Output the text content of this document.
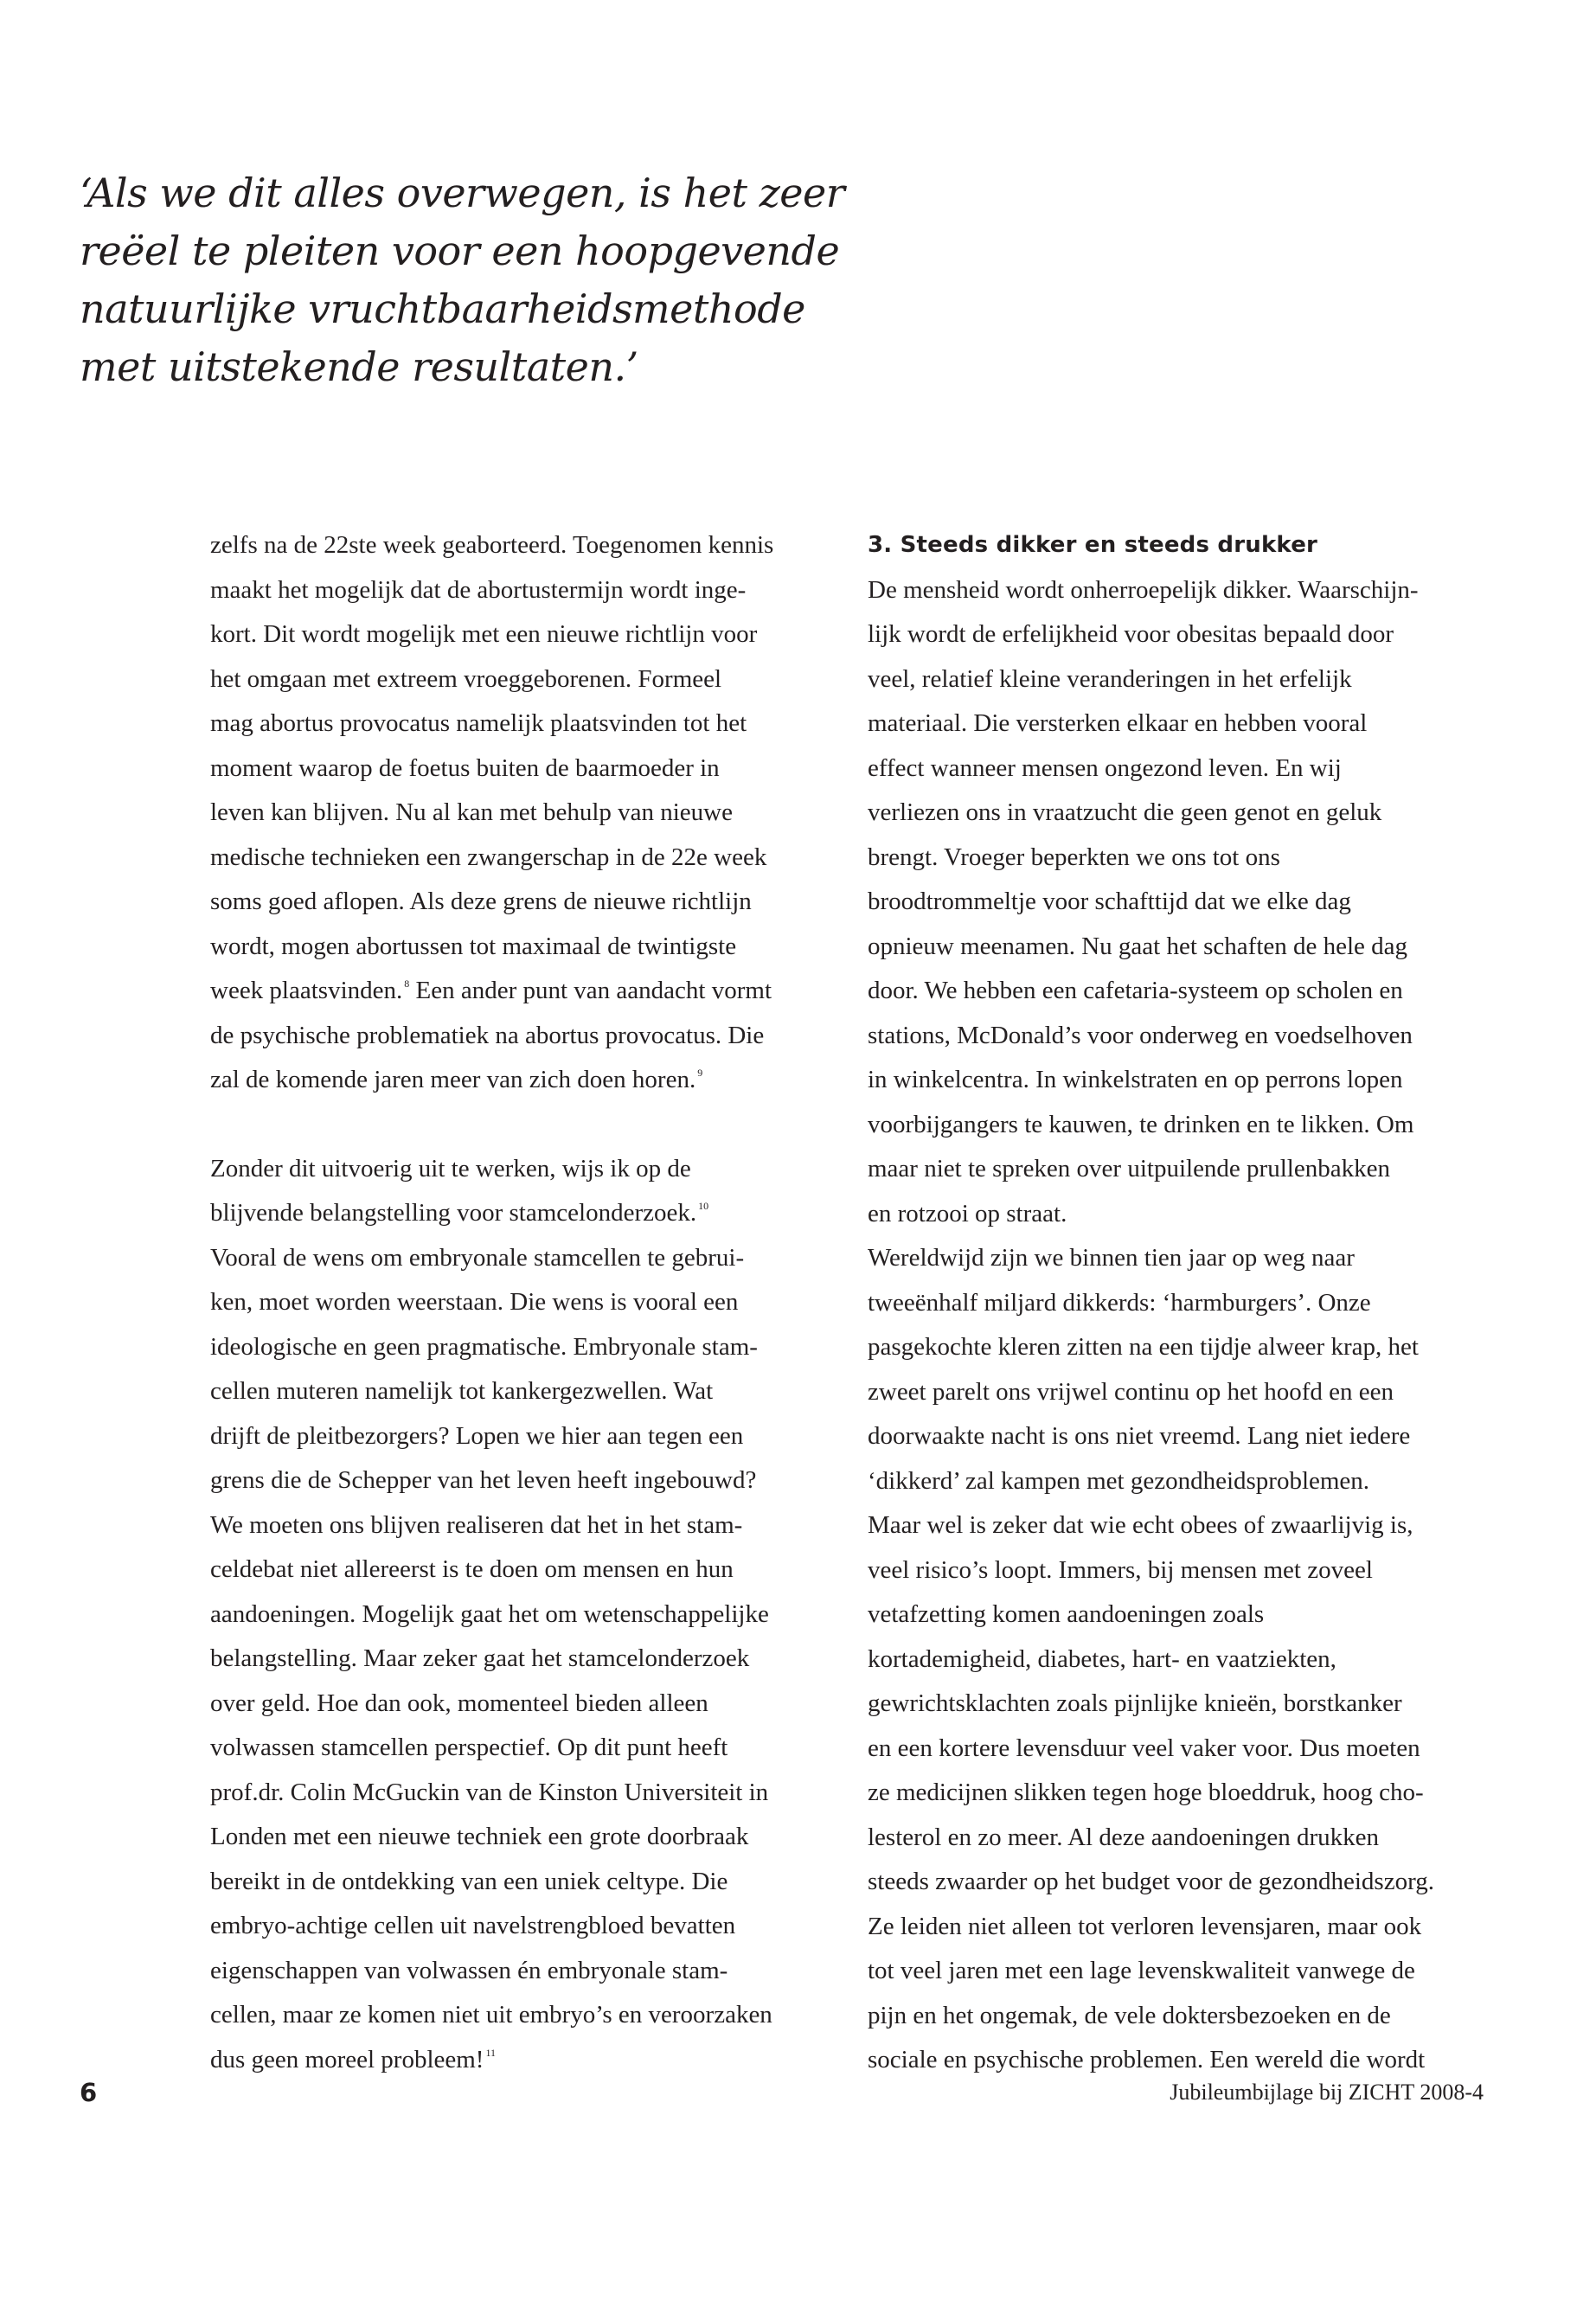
‘Als we dit alles overwegen, is het zeer
reëel te pleiten voor een hoopgevende
natuurlijke vruchtbaarheidsmethode
met uitstekende resultaten.’
zelfs na de 22ste week geaborteerd. Toegenomen kennis
maakt het mogelijk dat de abortustermijn wordt inge-
kort. Dit wordt mogelijk met een nieuwe richtlijn voor
het omgaan met extreem vroeggeborenen. Formeel
mag abortus provocatus namelijk plaatsvinden tot het
moment waarop de foetus buiten de baarmoeder in
leven kan blijven. Nu al kan met behulp van nieuwe
medische technieken een zwangerschap in de 22e week
soms goed aflopen. Als deze grens de nieuwe richtlijn
wordt, mogen abortussen tot maximaal de twintigste
week plaatsvinden. $^8$ Een ander punt van aandacht vormt
de psychische problematiek na abortus provocatus. Die
zal de komende jaren meer van zich doen horen. $^9$
Zonder dit uitvoerig uit te werken, wijs ik op de
blijvende belangstelling voor stamcelonderzoek. $^{10}$
Vooral de wens om embryonale stamcellen te gebrui-
ken, moet worden weerstaan. Die wens is vooral een
ideologische en geen pragmatische. Embryonale stam-
cellen muteren namelijk tot kankergezwellen. Wat
drijft de pleitbezorgers? Lopen we hier aan tegen een
grens die de Schepper van het leven heeft ingebouwd?
We moeten ons blijven realiseren dat het in het stam-
celdebat niet allereerst is te doen om mensen en hun
aandoeningen. Mogelijk gaat het om wetenschappelijke
belangstelling. Maar zeker gaat het stamcelonderzoek
over geld. Hoe dan ook, momenteel bieden alleen
volwassen stamcellen perspectief. Op dit punt heeft
prof.dr. Colin McGuckin van de Kinston Universiteit in
Londen met een nieuwe techniek een grote doorbraak
bereikt in de ontdekking van een uniek celtype. Die
embryo-achtige cellen uit navelstrengbloed bevatten
eigenschappen van volwassen én embryonale stam-
cellen, maar ze komen niet uit embryo’s en veroorzaken
dus geen moreel probleem! $^{11}$
3. Steeds dikker en steeds drukker
De mensheid wordt onherroepelijk dikker. Waarschijn-
lijk wordt de erfelijkheid voor obesitas bepaald door
veel, relatief kleine veranderingen in het erfelijk
materiaal. Die versterken elkaar en hebben vooral
effect wanneer mensen ongezond leven. En wij
verliezen ons in vraatzucht die geen genot en geluk
brengt. Vroeger beperkten we ons tot ons
broodtrommeltje voor schafttijd dat we elke dag
opnieuw meenamen. Nu gaat het schaften de hele dag
door. We hebben een cafetaria-systeem op scholen en
stations, McDonald’s voor onderweg en voedselhoven
in winkelcentra. In winkelstraten en op perrons lopen
voorbijgangers te kauwen, te drinken en te likken. Om
maar niet te spreken over uitpuilende prullenbakken
en rotzooi op straat.
Wereldwijd zijn we binnen tien jaar op weg naar
tweeënhalf miljard dikkerds: ‘harmburgers’. Onze
pasgekochte kleren zitten na een tijdje alweer krap, het
zweet parelt ons vrijwel continu op het hoofd en een
doorwaakte nacht is ons niet vreemd. Lang niet iedere
‘dikkerd’ zal kampen met gezondheidsproblemen.
Maar wel is zeker dat wie echt obees of zwaarlijvig is,
veel risico’s loopt. Immers, bij mensen met zoveel
vetafzetting komen aandoeningen zoals
kortademigheid, diabetes, hart- en vaatziekten,
gewrichtsklachten zoals pijnlijke knieën, borstkanker
en een kortere levensduur veel vaker voor. Dus moeten
ze medicijnen slikken tegen hoge bloeddruk, hoog cho-
lesterol en zo meer. Al deze aandoeningen drukken
steeds zwaarder op het budget voor de gezondheidszorg.
Ze leiden niet alleen tot verloren levensjaren, maar ook
tot veel jaren met een lage levenskwaliteit vanwege de
pijn en het ongemak, de vele doktersbezoeken en de
sociale en psychische problemen. Een wereld die wordt

6	Jubileumbijlage bij ZICHT 2008-4
